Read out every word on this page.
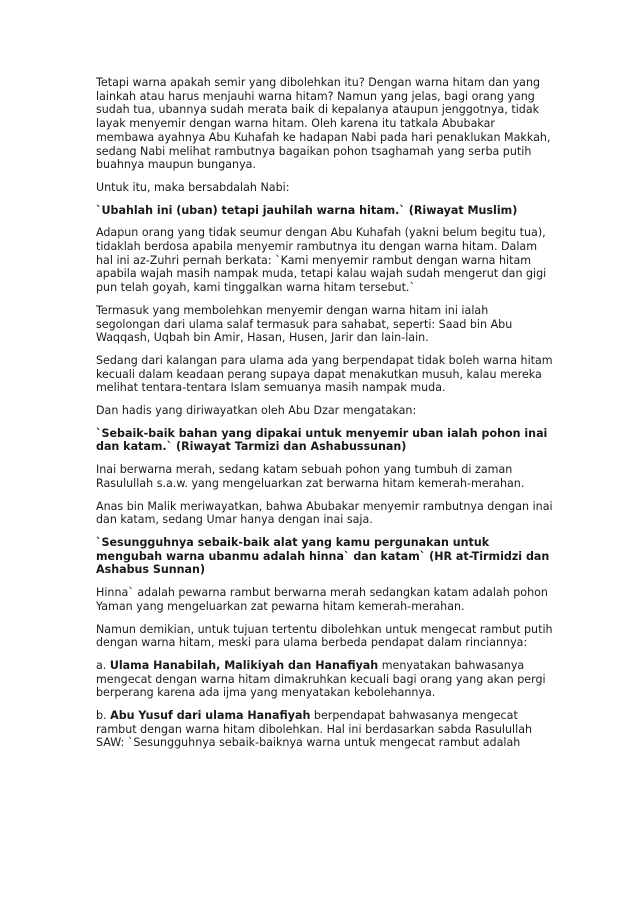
Tetapi warna apakah semir yang dibolehkan itu? Dengan warna hitam dan yang
lainkah atau harus menjauhi warna hitam? Namun yang jelas, bagi orang yang
sudah tua, ubannya sudah merata baik di kepalanya ataupun jenggotnya, tidak
layak menyemir dengan warna hitam. Oleh karena itu tatkala Abubakar
membawa ayahnya Abu Kuhafah ke hadapan Nabi pada hari penaklukan Makkah,
sedang Nabi melihat rambutnya bagaikan pohon tsaghamah yang serba putih
buahnya maupun bunganya.

Untuk itu, maka bersabdalah Nabi:

`Ubahlah ini (uban) tetapi jauhilah warna hitam.` (Riwayat Muslim)

Adapun orang yang tidak seumur dengan Abu Kuhafah (yakni belum begitu tua),
tidaklah berdosa apabila menyemir rambutnya itu dengan warna hitam. Dalam
hal ini az-Zuhri pernah berkata: `Kami menyemir rambut dengan warna hitam
apabila wajah masih nampak muda, tetapi kalau wajah sudah mengerut dan gigi
pun telah goyah, kami tinggalkan warna hitam tersebut.`

Termasuk yang membolehkan menyemir dengan warna hitam ini ialah
segolongan dari ulama salaf termasuk para sahabat, seperti: Saad bin Abu
Waqqash, Uqbah bin Amir, Hasan, Husen, Jarir dan lain-lain.

Sedang dari kalangan para ulama ada yang berpendapat tidak boleh warna hitam
kecuali dalam keadaan perang supaya dapat menakutkan musuh, kalau mereka
melihat tentara-tentara Islam semuanya masih nampak muda.

Dan hadis yang diriwayatkan oleh Abu Dzar mengatakan:

`Sebaik-baik bahan yang dipakai untuk menyemir uban ialah pohon inai
dan katam.` (Riwayat Tarmizi dan Ashabussunan)

Inai berwarna merah, sedang katam sebuah pohon yang tumbuh di zaman
Rasulullah s.a.w. yang mengeluarkan zat berwarna hitam kemerah-merahan.

Anas bin Malik meriwayatkan, bahwa Abubakar menyemir rambutnya dengan inai
dan katam, sedang Umar hanya dengan inai saja.

`Sesungguhnya sebaik-baik alat yang kamu pergunakan untuk
mengubah warna ubanmu adalah hinna` dan katam` (HR at-Tirmidzi dan
Ashabus Sunnan)

Hinna` adalah pewarna rambut berwarna merah sedangkan katam adalah pohon
Yaman yang mengeluarkan zat pewarna hitam kemerah-merahan.

Namun demikian, untuk tujuan tertentu dibolehkan untuk mengecat rambut putih
dengan warna hitam, meski para ulama berbeda pendapat dalam rinciannya:

a. Ulama Hanabilah, Malikiyah dan Hanafiyah menyatakan bahwasanya
mengecat dengan warna hitam dimakruhkan kecuali bagi orang yang akan pergi
berperang karena ada ijma yang menyatakan kebolehannya.

b. Abu Yusuf dari ulama Hanafiyah berpendapat bahwasanya mengecat
rambut dengan warna hitam dibolehkan. Hal ini berdasarkan sabda Rasulullah
SAW: `Sesungguhnya sebaik-baiknya warna untuk mengecat rambut adalah
